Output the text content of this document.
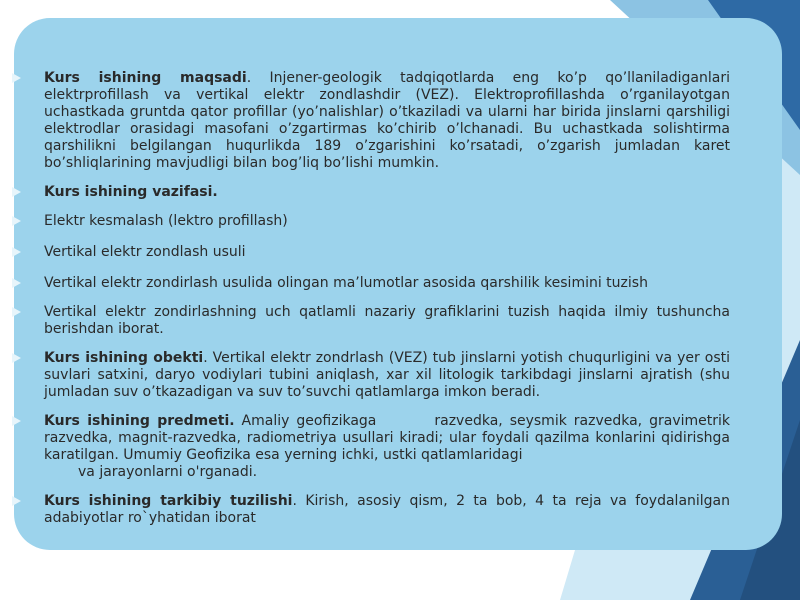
Kurs ishining maqsadi. Injener-geologik tadqiqotlarda eng ko’p qo’llaniladiganlari elektrprofillash va vertikal elektr zondlashdir (VEZ). Elektroprofillashda o’rganilayotgan uchastkada gruntda qator profillar (yo’nalishlar) o’tkaziladi va ularni har birida jinslarni qarshiligi elektrodlar orasidagi masofani o’zgartirmas ko’chirib o’lchanadi. Bu uchastkada solishtirma qarshilikni belgilangan huqurlikda 189 o’zgarishini ko’rsatadi, o’zgarish jumladan karet bo’shliqlarining mavjudligi bilan bog’liq bo’lishi mumkin.
Kurs ishining vazifasi.
Elektr kesmalash (lektro profillash)
Vertikal elektr zondlash usuli
Vertikal elektr zondirlash usulida olingan ma’lumotlar asosida qarshilik kesimini tuzish
Vertikal elektr zondirlashning uch qatlamli nazariy grafiklarini tuzish haqida ilmiy tushuncha berishdan iborat.
Kurs ishining obekti. Vertikal elektr zondrlash (VEZ) tub jinslarni yotish chuqurligini va yer osti suvlari satxini, daryo vodiylari tubini aniqlash, xar xil litologik tarkibdagi jinslarni ajratish (shu jumladan suv o’tkazadigan va suv to’suvchi qatlamlarga imkon beradi.
Kurs ishining predmeti. Amaliy geofizikaga	razvedka, seysmik razvedka, gravimetrik razvedka, magnit-razvedka, radiometriya usullari kiradi; ular foydali qazilma konlarini qidirishga karatilgan. Umumiy Geofizika esa yerning ichki, ustki qatlamlaridagi
va jarayonlarni o'rganadi.
Kurs ishining tarkibiy tuzilishi. Kirish, asosiy qism, 2 ta bob, 4 ta reja va foydalanilgan adabiyotlar ro`yhatidan iborat
